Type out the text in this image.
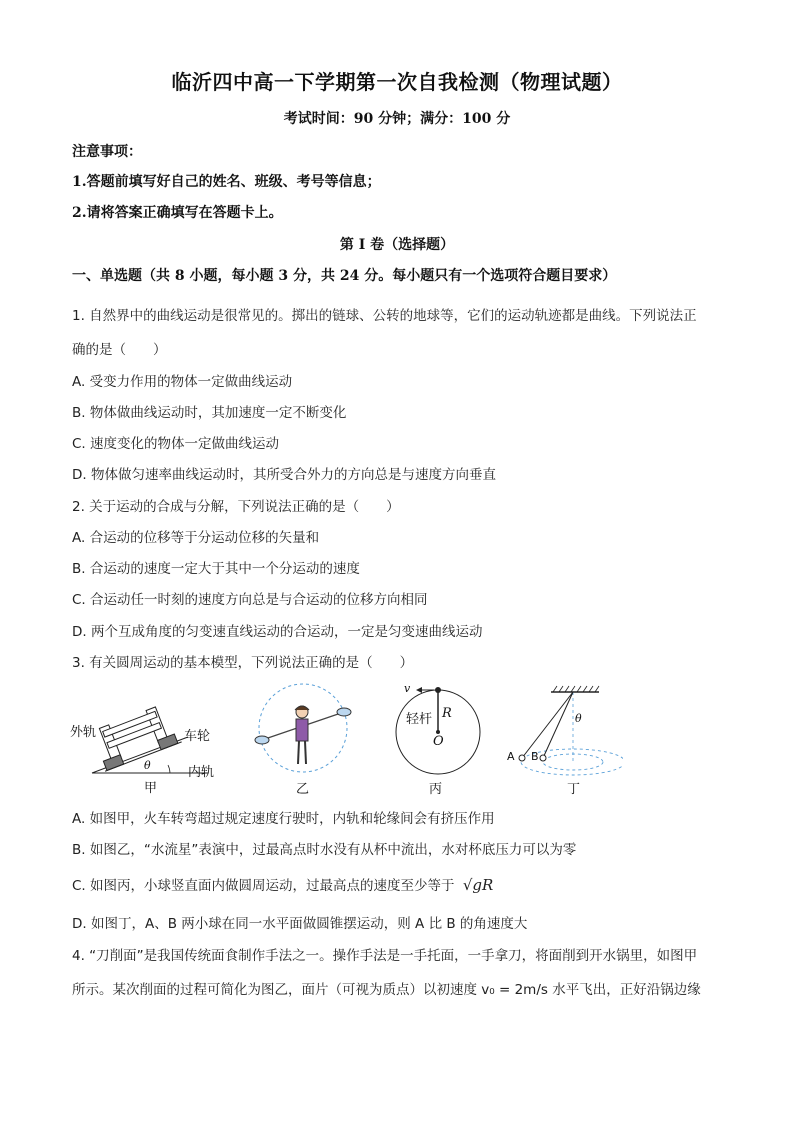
临沂四中高一下学期第一次自我检测（物理试题）
考试时间：90 分钟；满分：100 分
注意事项：
1.答题前填写好自己的姓名、班级、考号等信息；
2.请将答案正确填写在答题卡上。
第 I 卷（选择题）
一、单选题（共 8 小题，每小题 3 分，共 24 分。每小题只有一个选项符合题目要求）
1. 自然界中的曲线运动是很常见的。掷出的链球、公转的地球等，它们的运动轨迹都是曲线。下列说法正
确的是（　　）
A. 受变力作用的物体一定做曲线运动
B. 物体做曲线运动时，其加速度一定不断变化
C. 速度变化的物体一定做曲线运动
D. 物体做匀速率曲线运动时，其所受合外力的方向总是与速度方向垂直
2. 关于运动的合成与分解，下列说法正确的是（　　）
A. 合运动的位移等于分运动位移的矢量和
B. 合运动的速度一定大于其中一个分运动的速度
C. 合运动任一时刻的速度方向总是与合运动的位移方向相同
D. 两个互成角度的匀变速直线运动的合运动，一定是匀变速曲线运动
3. 有关圆周运动的基本模型，下列说法正确的是（　　）
外轨	车轮
内轨
θ
甲	乙
v
轻杆 R
O
丙
θ
A B
丁
A. 如图甲，火车转弯超过规定速度行驶时，内轨和轮缘间会有挤压作用
B. 如图乙，“水流星”表演中，过最高点时水没有从杯中流出，水对杯底压力可以为零
C. 如图丙，小球竖直面内做圆周运动，过最高点的速度至少等于 √gR
D. 如图丁，A、B 两小球在同一水平面做圆锥摆运动，则 A 比 B 的角速度大
4. “刀削面”是我国传统面食制作手法之一。操作手法是一手托面，一手拿刀，将面削到开水锅里，如图甲
所示。某次削面的过程可简化为图乙，面片（可视为质点）以初速度 v₀ = 2m/s 水平飞出，正好沿锅边缘
